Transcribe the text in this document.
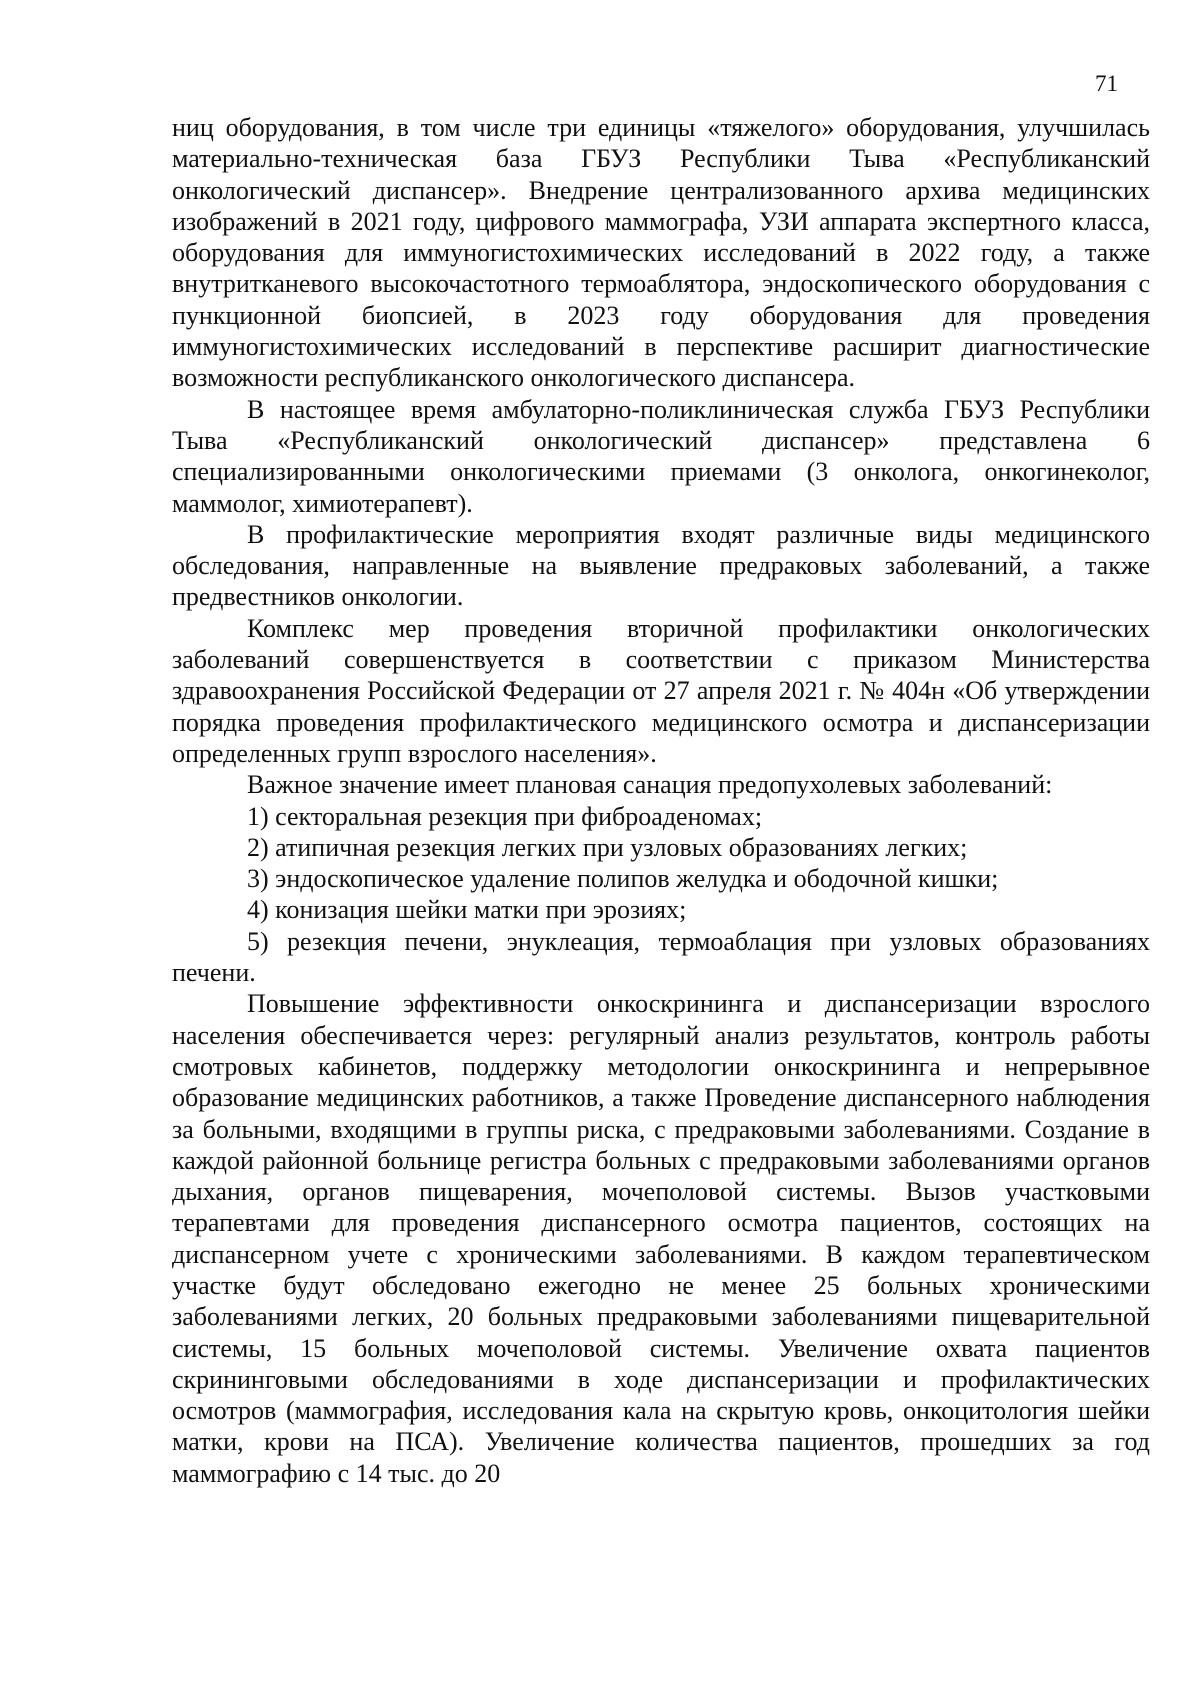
71

ниц оборудования, в том числе три единицы «тяжелого» оборудования, улучшилась материально-техническая база ГБУЗ Республики Тыва «Республиканский онкологический диспансер». Внедрение централизованного архива медицинских изображений в 2021 году, цифрового маммографа, УЗИ аппарата экспертного класса, оборудования для иммуногистохимических исследований в 2022 году, а также внутритканевого высокочастотного термоаблятора, эндоскопического оборудования с пункционной биопсией, в 2023 году оборудования для проведения иммуногистохимических исследований в перспективе расширит диагностические возможности республиканского онкологического диспансера.

В настоящее время амбулаторно-поликлиническая служба ГБУЗ Республики Тыва «Республиканский онкологический диспансер» представлена 6 специализированными онкологическими приемами (3 онколога, онкогинеколог, маммолог, химиотерапевт).

В профилактические мероприятия входят различные виды медицинского обследования, направленные на выявление предраковых заболеваний, а также предвестников онкологии.

Комплекс мер проведения вторичной профилактики онкологических заболеваний совершенствуется в соответствии с приказом Министерства здравоохранения Российской Федерации от 27 апреля 2021 г. № 404н «Об утверждении порядка проведения профилактического медицинского осмотра и диспансеризации определенных групп взрослого населения».

Важное значение имеет плановая санация предопухолевых заболеваний:

1) секторальная резекция при фиброаденомах;

2) атипичная резекция легких при узловых образованиях легких;

3) эндоскопическое удаление полипов желудка и ободочной кишки;

4) конизация шейки матки при эрозиях;

5) резекция печени, энуклеация, термоаблация при узловых образованиях печени.

Повышение эффективности онкоскрининга и диспансеризации взрослого населения обеспечивается через: регулярный анализ результатов, контроль работы смотровых кабинетов, поддержку методологии онкоскрининга и непрерывное образование медицинских работников, а также Проведение диспансерного наблюдения за больными, входящими в группы риска, с предраковыми заболеваниями. Создание в каждой районной больнице регистра больных с предраковыми заболеваниями органов дыхания, органов пищеварения, мочеполовой системы. Вызов участковыми терапевтами для проведения диспансерного осмотра пациентов, состоящих на диспансерном учете с хроническими заболеваниями. В каждом терапевтическом участке будут обследовано ежегодно не менее 25 больных хроническими заболеваниями легких, 20 больных предраковыми заболеваниями пищеварительной системы, 15 больных мочеполовой системы. Увеличение охвата пациентов скрининговыми обследованиями в ходе диспансеризации и профилактических осмотров (маммография, исследования кала на скрытую кровь, онкоцитология шейки матки, крови на ПСА). Увеличение количества пациентов, прошедших за год маммографию с 14 тыс. до 20
